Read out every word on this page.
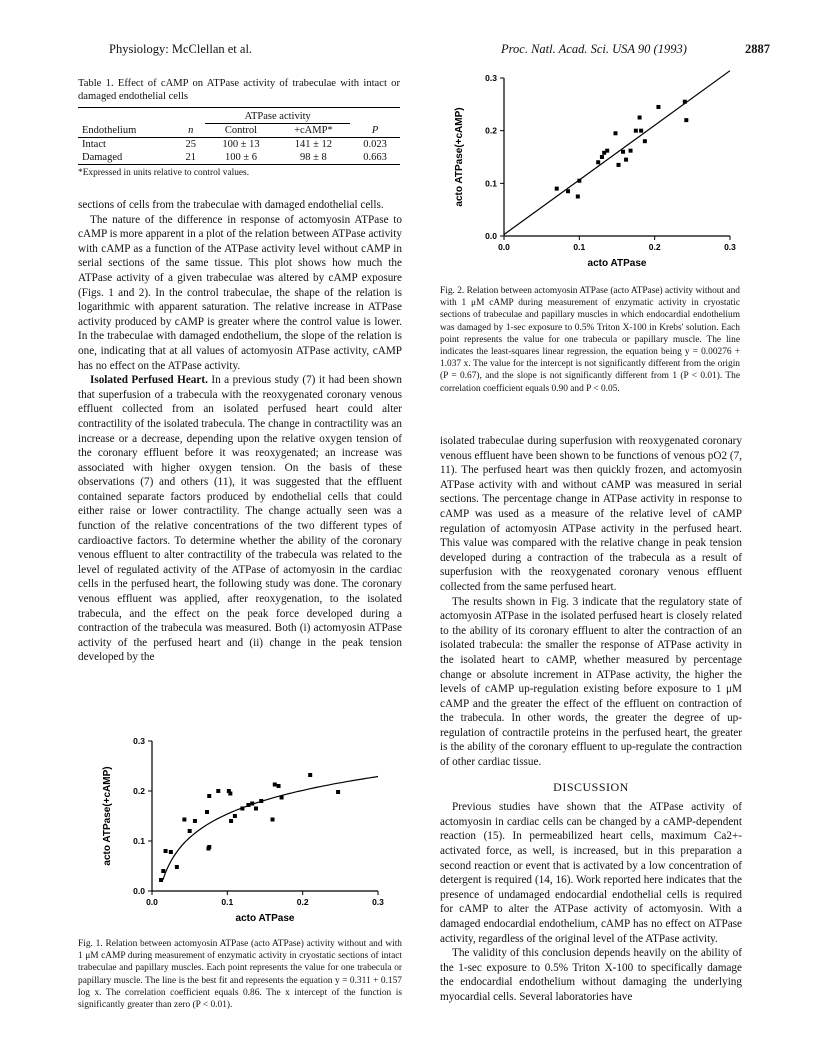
Physiology: McClellan et al.	Proc. Natl. Acad. Sci. USA 90 (1993)	2887
Table 1. Effect of cAMP on ATPase activity of trabeculae with intact or damaged endothelial cells
		ATPase activity		
Endothelium	n	Control	+cAMP*	P
Intact	25	100 ± 13	141 ± 12	0.023
Damaged	21	100 ± 6	98 ± 8	0.663
*Expressed in units relative to control values.

sections of cells from the trabeculae with damaged endothelial cells.

The nature of the difference in response of actomyosin ATPase to cAMP is more apparent in a plot of the relation between ATPase activity with cAMP as a function of the ATPase activity level without cAMP in serial sections of the same tissue. This plot shows how much the ATPase activity of a given trabeculae was altered by cAMP exposure (Figs. 1 and 2). In the control trabeculae, the shape of the relation is logarithmic with apparent saturation. The relative increase in ATPase activity produced by cAMP is greater where the control value is lower. In the trabeculae with damaged endothelium, the slope of the relation is one, indicating that at all values of actomyosin ATPase activity, cAMP has no effect on the ATPase activity.

Isolated Perfused Heart. In a previous study (7) it had been shown that superfusion of a trabecula with the reoxygenated coronary venous effluent collected from an isolated perfused heart could alter contractility of the isolated trabecula. The change in contractility was an increase or a decrease, depending upon the relative oxygen tension of the coronary effluent before it was reoxygenated; an increase was associated with higher oxygen tension. On the basis of these observations (7) and others (11), it was suggested that the effluent contained separate factors produced by endothelial cells that could either raise or lower contractility. The change actually seen was a function of the relative concentrations of the two different types of cardioactive factors. To determine whether the ability of the coronary venous effluent to alter contractility of the trabecula was related to the level of regulated activity of the ATPase of actomyosin in the cardiac cells in the perfused heart, the following study was done. The coronary venous effluent was applied, after reoxygenation, to the isolated trabecula, and the effect on the peak force developed during a contraction of the trabecula was measured. Both (i) actomyosin ATPase activity of the perfused heart and (ii) change in the peak tension developed by the

0.0	0.1	0.2	0.3
0.0
0.1
0.2
0.3
acto ATPase
acto ATPase(+cAMP)
Fig. 1. Relation between actomyosin ATPase (acto ATPase) activity without and with 1 μM cAMP during measurement of enzymatic activity in cryostatic sections of intact trabeculae and papillary muscles. Each point represents the value for one trabecula or papillary muscle. The line is the best fit and represents the equation y = 0.311 + 0.157 log x. The correlation coefficient equals 0.86. The x intercept of the function is significantly greater than zero (P < 0.01).
0.0	0.1	0.2	0.3
0.0
0.1
0.2
0.3
acto ATPase
acto ATPase(+cAMP)
Fig. 2. Relation between actomyosin ATPase (acto ATPase) activity without and with 1 μM cAMP during measurement of enzymatic activity in cryostatic sections of trabeculae and papillary muscles in which endocardial endothelium was damaged by 1-sec exposure to 0.5% Triton X-100 in Krebs' solution. Each point represents the value for one trabecula or papillary muscle. The line indicates the least-squares linear regression, the equation being y = 0.00276 + 1.037 x. The value for the intercept is not significantly different from the origin (P = 0.67), and the slope is not significantly different from 1 (P < 0.01). The correlation coefficient equals 0.90 and P < 0.05.

isolated trabeculae during superfusion with reoxygenated coronary venous effluent have been shown to be functions of venous pO2 (7, 11). The perfused heart was then quickly frozen, and actomyosin ATPase activity with and without cAMP was measured in serial sections. The percentage change in ATPase activity in response to cAMP was used as a measure of the relative level of cAMP regulation of actomyosin ATPase activity in the perfused heart. This value was compared with the relative change in peak tension developed during a contraction of the trabecula as a result of superfusion with the reoxygenated coronary venous effluent collected from the same perfused heart.

The results shown in Fig. 3 indicate that the regulatory state of actomyosin ATPase in the isolated perfused heart is closely related to the ability of its coronary effluent to alter the contraction of an isolated trabecula: the smaller the response of ATPase activity in the isolated heart to cAMP, whether measured by percentage change or absolute increment in ATPase activity, the higher the levels of cAMP up-regulation existing before exposure to 1 μM cAMP and the greater the effect of the effluent on contraction of the trabecula. In other words, the greater the degree of up-regulation of contractile proteins in the perfused heart, the greater is the ability of the coronary effluent to up-regulate the contraction of other cardiac tissue.

DISCUSSION

Previous studies have shown that the ATPase activity of actomyosin in cardiac cells can be changed by a cAMP-dependent reaction (15). In permeabilized heart cells, maximum Ca2+-activated force, as well, is increased, but in this preparation a second reaction or event that is activated by a low concentration of detergent is required (14, 16). Work reported here indicates that the presence of undamaged endocardial endothelial cells is required for cAMP to alter the ATPase activity of actomyosin. With a damaged endocardial endothelium, cAMP has no effect on ATPase activity, regardless of the original level of the ATPase activity.

The validity of this conclusion depends heavily on the ability of the 1-sec exposure to 0.5% Triton X-100 to specifically damage the endocardial endothelium without damaging the underlying myocardial cells. Several laboratories have
